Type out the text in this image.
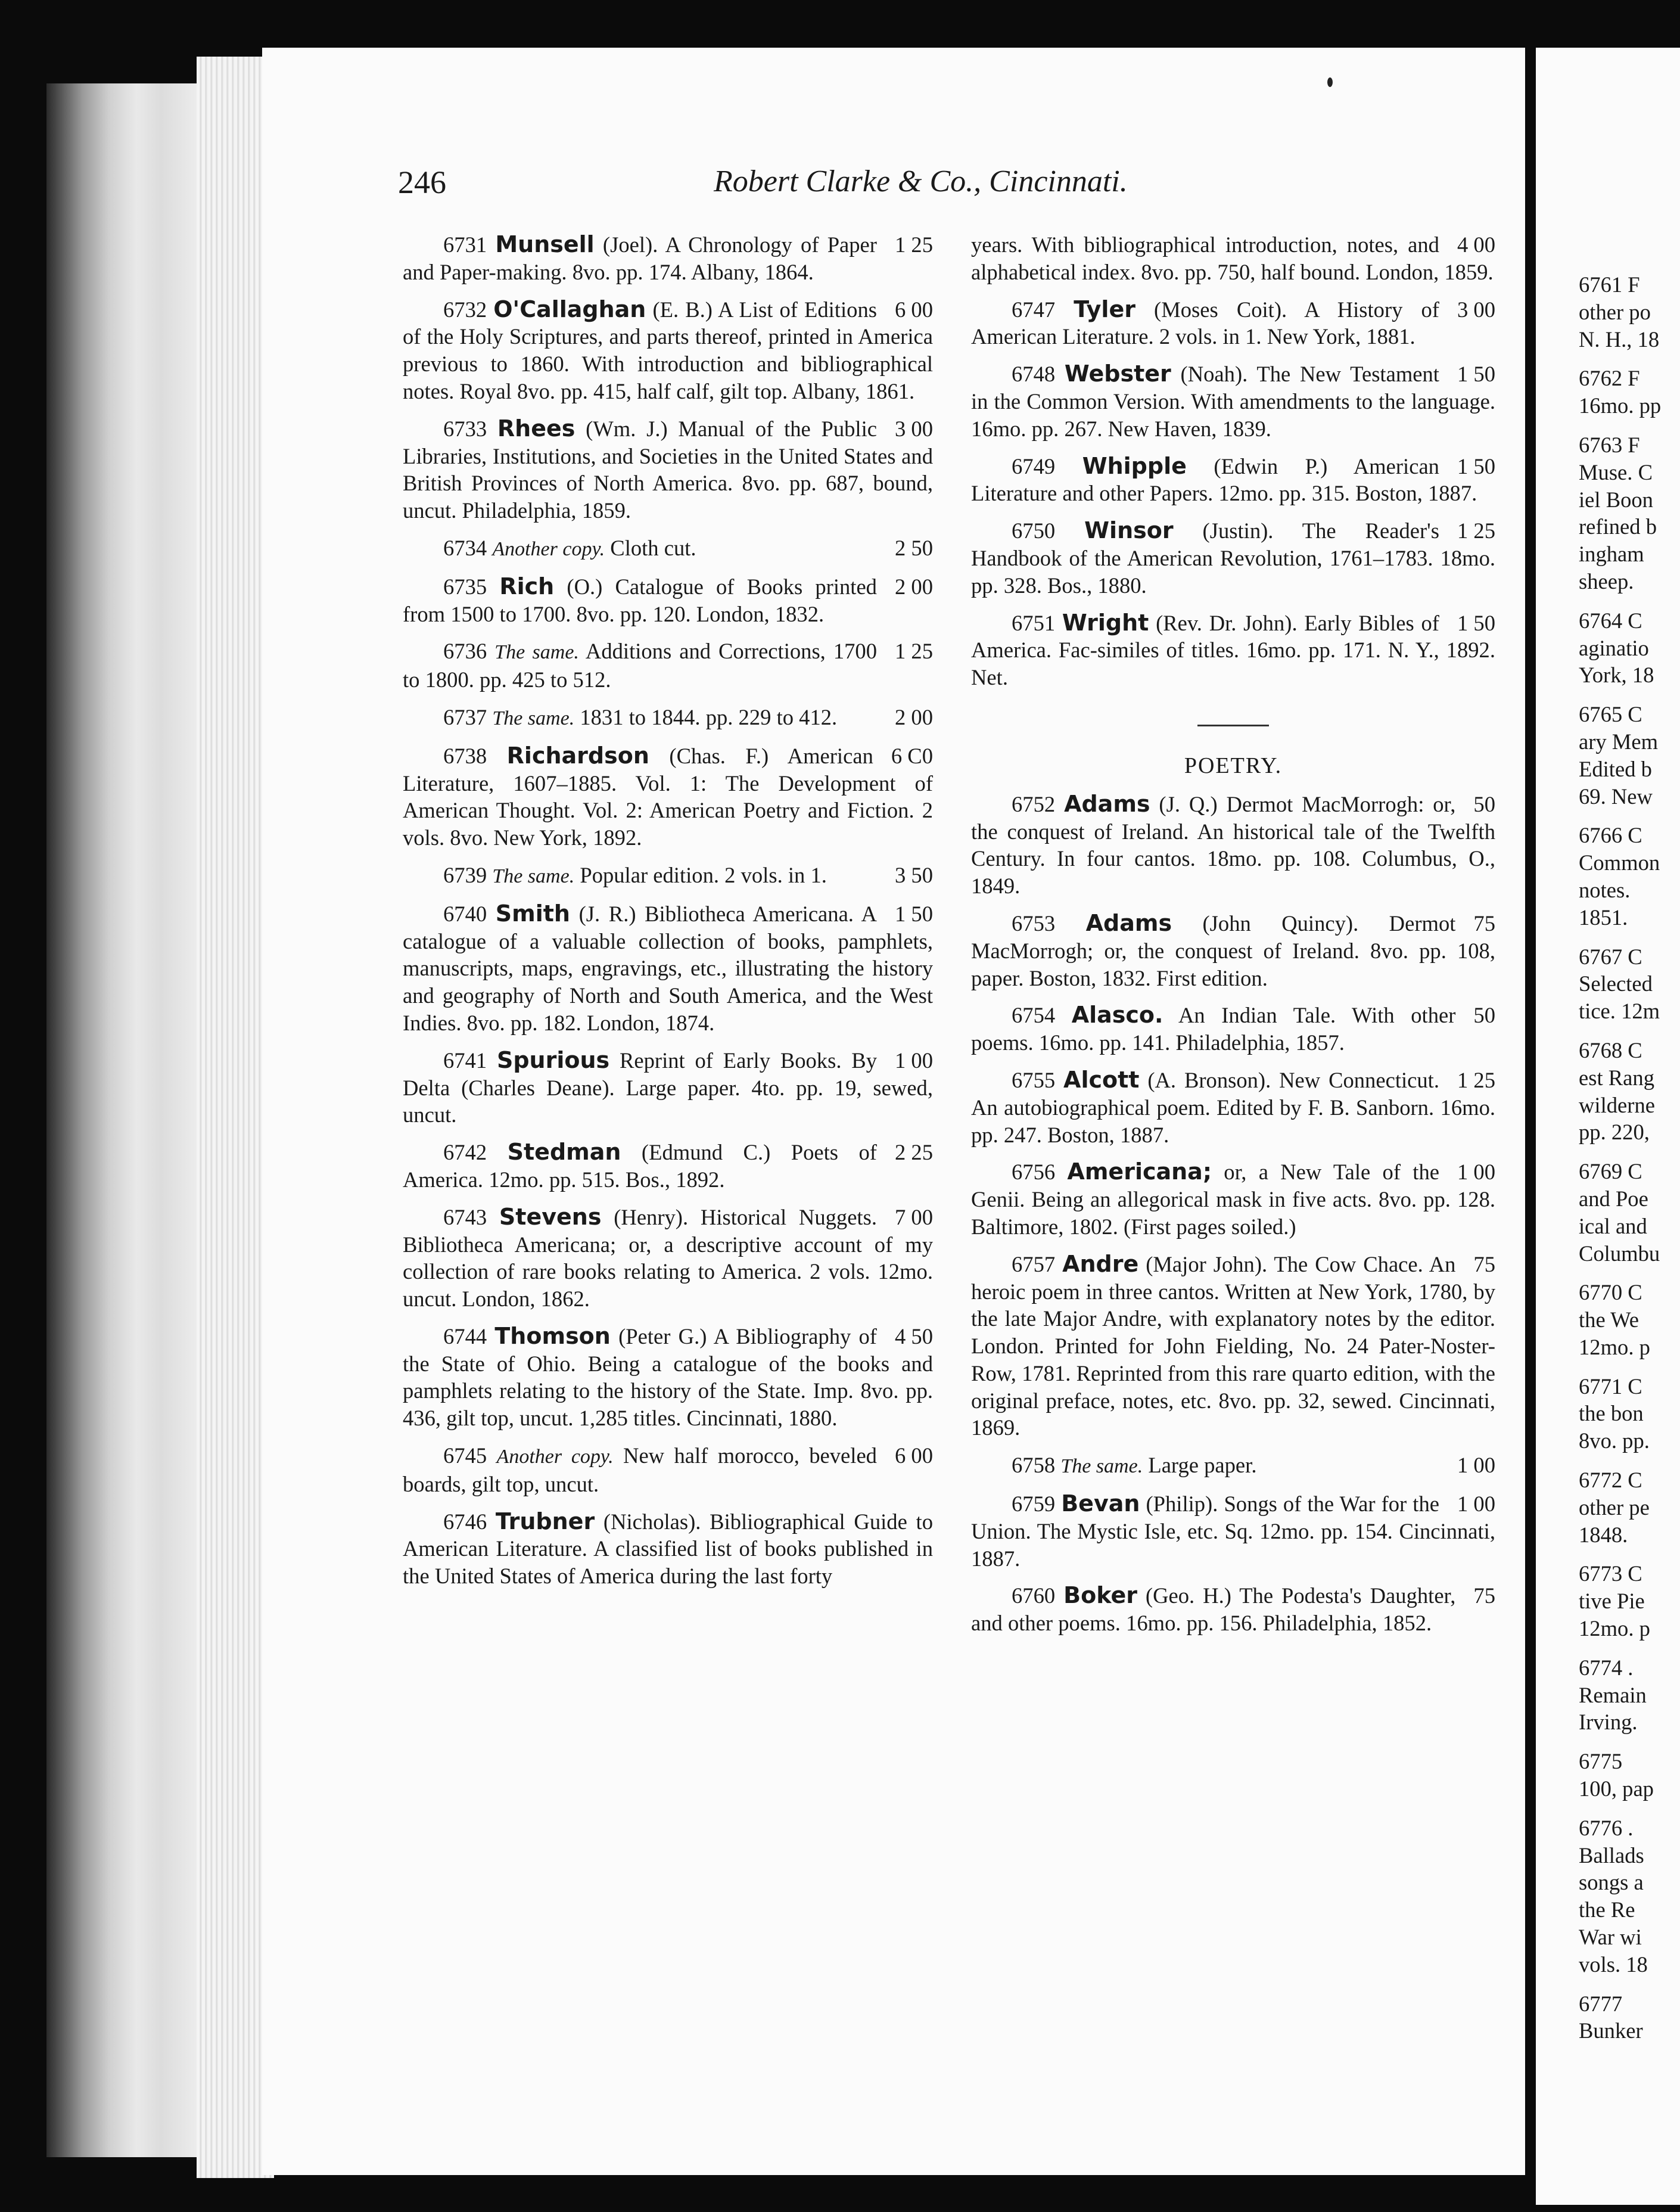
6761 F
other po
N. H., 18
6762 F
16mo. pp
6763 F
Muse. C
iel Boon
refined b
ingham
sheep.
6764 C
aginatio
York, 18
6765 C
ary Mem
Edited b
69. New
6766 C
Common
notes.
1851.
6767 C
Selected
tice. 12m
6768 C
est Rang
wilderne
pp. 220,
6769 C
and Poe
ical and
Columbu
6770 C
the We
12mo. p
6771 C
the bon
8vo. pp.
6772 C
other pe
1848.
6773 C
tive Pie
12mo. p
6774 .
Remain
Irving.
6775
100, pap
6776 .
Ballads
songs a
the Re
War wi
vols. 18
6777
Bunker
246	Robert Clarke & Co., Cincinnati.

1 25
6731 Munsell (Joel). A Chronology of Paper and Paper-making. 8vo. pp. 174. Albany, 1864.

6 00
6732 O'Callaghan (E. B.) A List of Editions of the Holy Scriptures, and parts thereof, printed in America previous to 1860. With introduction and bibliographical notes. Royal 8vo. pp. 415, half calf, gilt top. Albany, 1861.

3 00
6733 Rhees (Wm. J.) Manual of the Public Libraries, Institutions, and Societies in the United States and British Provinces of North America. 8vo. pp. 687, bound, uncut. Philadelphia, 1859.

2 50
6734 Another copy. Cloth cut.

2 00
6735 Rich (O.) Catalogue of Books printed from 1500 to 1700. 8vo. pp. 120. London, 1832.

1 25
6736 The same. Additions and Corrections, 1700 to 1800. pp. 425 to 512.

2 00
6737 The same. 1831 to 1844. pp. 229 to 412.

6 C0
6738 Richardson (Chas. F.) American Literature, 1607–1885. Vol. 1: The Development of American Thought. Vol. 2: American Poetry and Fiction. 2 vols. 8vo. New York, 1892.

3 50
6739 The same. Popular edition. 2 vols. in 1.

1 50
6740 Smith (J. R.) Bibliotheca Americana. A catalogue of a valuable collection of books, pamphlets, manuscripts, maps, engravings, etc., illustrating the history and geography of North and South America, and the West Indies. 8vo. pp. 182. London, 1874.

1 00
6741 Spurious Reprint of Early Books. By Delta (Charles Deane). Large paper. 4to. pp. 19, sewed, uncut.

2 25
6742 Stedman (Edmund C.) Poets of America. 12mo. pp. 515. Bos., 1892.

7 00
6743 Stevens (Henry). Historical Nuggets. Bibliotheca Americana; or, a descriptive account of my collection of rare books relating to America. 2 vols. 12mo. uncut. London, 1862.

4 50
6744 Thomson (Peter G.) A Bibliography of the State of Ohio. Being a catalogue of the books and pamphlets relating to the history of the State. Imp. 8vo. pp. 436, gilt top, uncut. 1,285 titles. Cincinnati, 1880.

6 00
6745 Another copy. New half morocco, beveled boards, gilt top, uncut.

6746 Trubner (Nicholas). Bibliographical Guide to American Literature. A classified list of books published in the United States of America during the last forty

4 00
years. With bibliographical introduction, notes, and alphabetical index. 8vo. pp. 750, half bound. London, 1859.

3 00
6747 Tyler (Moses Coit). A History of American Literature. 2 vols. in 1. New York, 1881.

1 50
6748 Webster (Noah). The New Testament in the Common Version. With amendments to the language. 16mo. pp. 267. New Haven, 1839.

1 50
6749 Whipple (Edwin P.) American Literature and other Papers. 12mo. pp. 315. Boston, 1887.

1 25
6750 Winsor (Justin). The Reader's Handbook of the American Revolution, 1761–1783. 18mo. pp. 328. Bos., 1880.

1 50
6751 Wright (Rev. Dr. John). Early Bibles of America. Fac-similes of titles. 16mo. pp. 171. N. Y., 1892. Net.

POETRY.

50
6752 Adams (J. Q.) Dermot MacMorrogh: or, the conquest of Ireland. An historical tale of the Twelfth Century. In four cantos. 18mo. pp. 108. Columbus, O., 1849.

75
6753 Adams (John Quincy). Dermot MacMorrogh; or, the conquest of Ireland. 8vo. pp. 108, paper. Boston, 1832. First edition.

50
6754 Alasco. An Indian Tale. With other poems. 16mo. pp. 141. Philadelphia, 1857.

1 25
6755 Alcott (A. Bronson). New Connecticut. An autobiographical poem. Edited by F. B. Sanborn. 16mo. pp. 247. Boston, 1887.

1 00
6756 Americana; or, a New Tale of the Genii. Being an allegorical mask in five acts. 8vo. pp. 128. Baltimore, 1802. (First pages soiled.)

75
6757 Andre (Major John). The Cow Chace. An heroic poem in three cantos. Written at New York, 1780, by the late Major Andre, with explanatory notes by the editor. London. Printed for John Fielding, No. 24 Pater-Noster-Row, 1781. Reprinted from this rare quarto edition, with the original preface, notes, etc. 8vo. pp. 32, sewed. Cincinnati, 1869.

1 00
6758 The same. Large paper.

1 00
6759 Bevan (Philip). Songs of the War for the Union. The Mystic Isle, etc. Sq. 12mo. pp. 154. Cincinnati, 1887.

75
6760 Boker (Geo. H.) The Podesta's Daughter, and other poems. 16mo. pp. 156. Philadelphia, 1852.
